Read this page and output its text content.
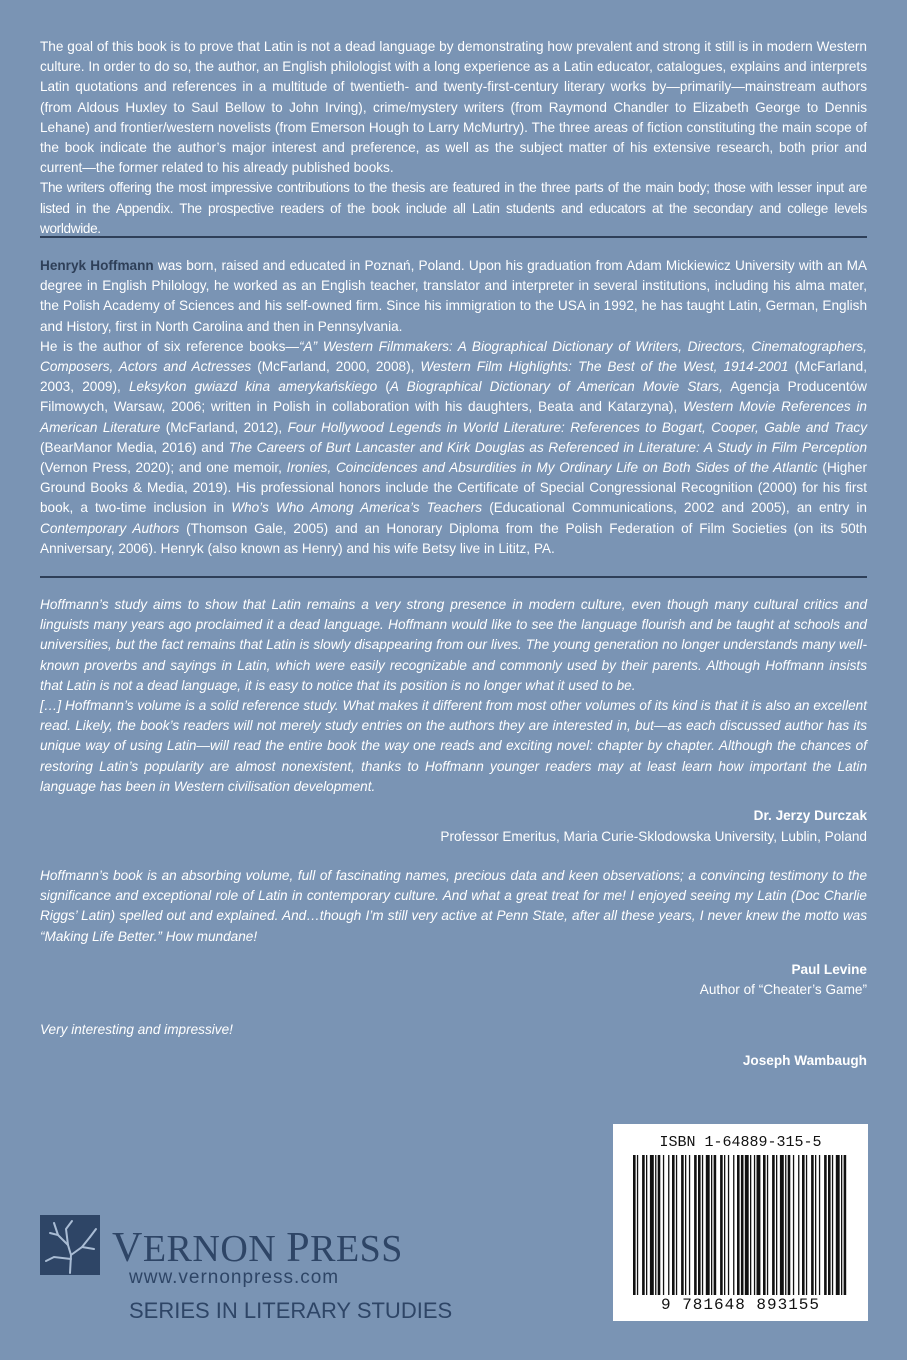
The goal of this book is to prove that Latin is not a dead language by demonstrating how prevalent and strong it still is in modern Western culture. In order to do so, the author, an English philologist with a long experience as a Latin educator, catalogues, explains and interprets Latin quotations and references in a multitude of twentieth- and twenty-first-century literary works by—primarily—mainstream authors (from Aldous Huxley to Saul Bellow to John Irving), crime/mystery writers (from Raymond Chandler to Elizabeth George to Dennis Lehane) and frontier/western novelists (from Emerson Hough to Larry McMurtry). The three areas of fiction constituting the main scope of the book indicate the author’s major interest and preference, as well as the subject matter of his extensive research, both prior and current—the former related to his already published books.

The writers offering the most impressive contributions to the thesis are featured in the three parts of the main body; those with lesser input are listed in the Appendix. The prospective readers of the book include all Latin students and educators at the secondary and college levels worldwide.

Henryk Hoffmann was born, raised and educated in Poznań, Poland. Upon his graduation from Adam Mickiewicz University with an MA degree in English Philology, he worked as an English teacher, translator and interpreter in several institutions, including his alma mater, the Polish Academy of Sciences and his self-owned firm. Since his immigration to the USA in 1992, he has taught Latin, German, English and History, first in North Carolina and then in Pennsylvania.

He is the author of six reference books—“A” Western Filmmakers: A Biographical Dictionary of Writers, Directors, Cinematographers, Composers, Actors and Actresses (McFarland, 2000, 2008), Western Film Highlights: The Best of the West, 1914-2001 (McFarland, 2003, 2009), Leksykon gwiazd kina amerykańskiego (A Biographical Dictionary of American Movie Stars, Agencja Producentów Filmowych, Warsaw, 2006; written in Polish in collaboration with his daughters, Beata and Katarzyna), Western Movie References in American Literature (McFarland, 2012), Four Hollywood Legends in World Literature: References to Bogart, Cooper, Gable and Tracy (BearManor Media, 2016) and The Careers of Burt Lancaster and Kirk Douglas as Referenced in Literature: A Study in Film Perception (Vernon Press, 2020); and one memoir, Ironies, Coincidences and Absurdities in My Ordinary Life on Both Sides of the Atlantic (Higher Ground Books & Media, 2019). His professional honors include the Certificate of Special Congressional Recognition (2000) for his first book, a two-time inclusion in Who’s Who Among America’s Teachers (Educational Communications, 2002 and 2005), an entry in Contemporary Authors (Thomson Gale, 2005) and an Honorary Diploma from the Polish Federation of Film Societies (on its 50th Anniversary, 2006). Henryk (also known as Henry) and his wife Betsy live in Lititz, PA.

Hoffmann’s study aims to show that Latin remains a very strong presence in modern culture, even though many cultural critics and linguists many years ago proclaimed it a dead language. Hoffmann would like to see the language flourish and be taught at schools and universities, but the fact remains that Latin is slowly disappearing from our lives. The young generation no longer understands many well-known proverbs and sayings in Latin, which were easily recognizable and commonly used by their parents. Although Hoffmann insists that Latin is not a dead language, it is easy to notice that its position is no longer what it used to be.

[…] Hoffmann’s volume is a solid reference study. What makes it different from most other volumes of its kind is that it is also an excellent read. Likely, the book’s readers will not merely study entries on the authors they are interested in, but—as each discussed author has its unique way of using Latin—will read the entire book the way one reads and exciting novel: chapter by chapter. Although the chances of restoring Latin’s popularity are almost nonexistent, thanks to Hoffmann younger readers may at least learn how important the Latin language has been in Western civilisation development.

Dr. Jerzy Durczak
Professor Emeritus, Maria Curie-Sklodowska University, Lublin, Poland

Hoffmann’s book is an absorbing volume, full of fascinating names, precious data and keen observations; a convincing testimony to the significance and exceptional role of Latin in contemporary culture. And what a great treat for me! I enjoyed seeing my Latin (Doc Charlie Riggs’ Latin) spelled out and explained. And…though I’m still very active at Penn State, after all these years, I never knew the motto was “Making Life Better.” How mundane!

Paul Levine
Author of “Cheater’s Game”

Very interesting and impressive!

Joseph Wambaugh
VERNON PRESS
www.vernonpress.com
SERIES IN LITERARY STUDIES
ISBN 1-64889-315-5
9 781648 893155
